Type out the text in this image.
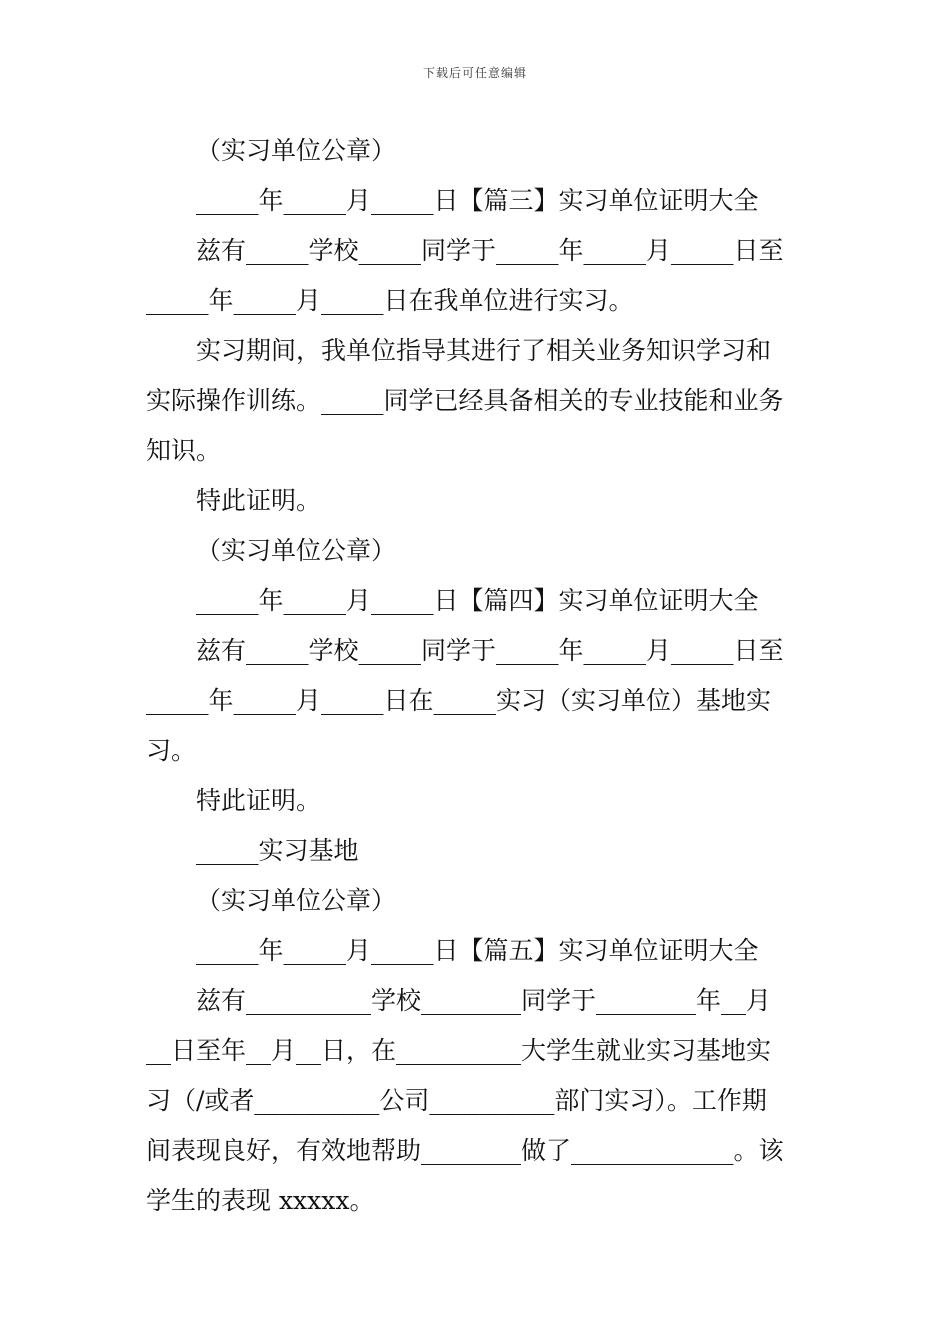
下载后可任意编辑
（实习单位公章）
_____年_____月_____日【篇三】实习单位证明大全
兹有_____学校_____同学于_____年_____月_____日至
_____年_____月_____日在我单位进行实习。
实习期间，我单位指导其进行了相关业务知识学习和
实际操作训练。_____同学已经具备相关的专业技能和业务
知识。
特此证明。
（实习单位公章）
_____年_____月_____日【篇四】实习单位证明大全
兹有_____学校_____同学于_____年_____月_____日至
_____年_____月_____日在_____实习（实习单位）基地实
习。
特此证明。
_____实习基地
（实习单位公章）
_____年_____月_____日【篇五】实习单位证明大全
兹有__________学校________同学于________年__月
__日至年__月__日，在__________大学生就业实习基地实
习（/或者__________公司__________部门实习）。工作期
间表现良好，有效地帮助________做了_____________。该
学生的表现 xxxxx。
